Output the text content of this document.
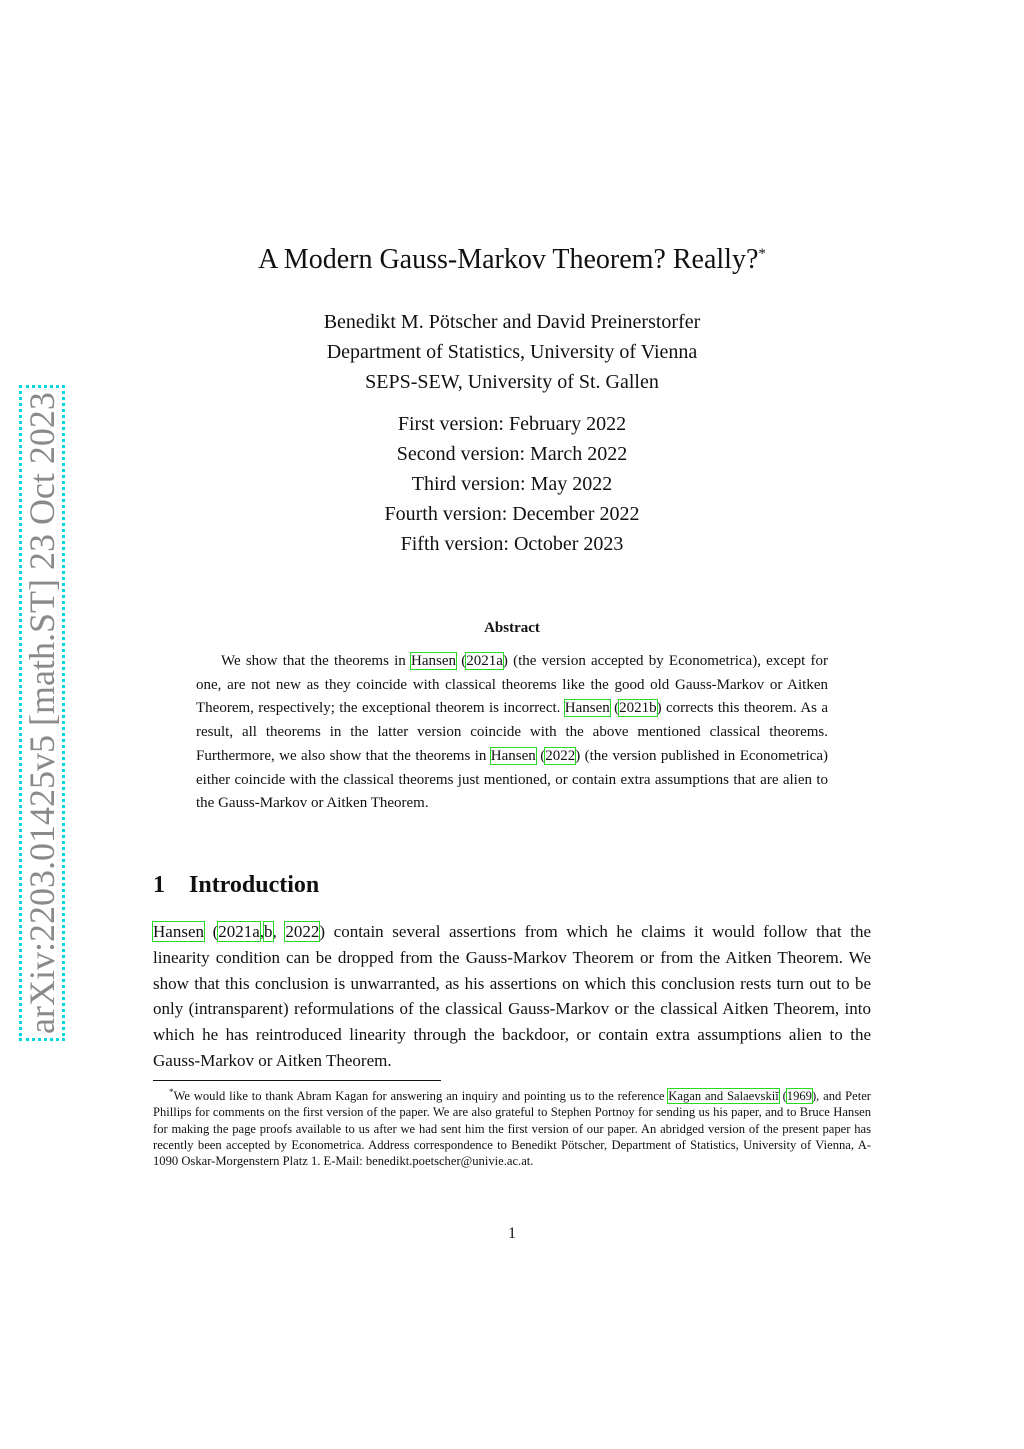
arXiv:2203.01425v5 [math.ST] 23 Oct 2023
A Modern Gauss-Markov Theorem? Really?*
Benedikt M. Pötscher and David Preinerstorfer
Department of Statistics, University of Vienna
SEPS-SEW, University of St. Gallen
First version: February 2022
Second version: March 2022
Third version: May 2022
Fourth version: December 2022
Fifth version: October 2023
Abstract
We show that the theorems in Hansen (2021a) (the version accepted by Econometrica), except for one, are not new as they coincide with classical theorems like the good old Gauss-Markov or Aitken Theorem, respectively; the exceptional theorem is incorrect. Hansen (2021b) corrects this theorem. As a result, all theorems in the latter version coincide with the above mentioned classical theorems. Furthermore, we also show that the theorems in Hansen (2022) (the version published in Econometrica) either coincide with the classical theorems just mentioned, or contain extra assumptions that are alien to the Gauss-Markov or Aitken Theorem.
1 Introduction
Hansen (2021a,b, 2022) contain several assertions from which he claims it would follow that the linearity condition can be dropped from the Gauss-Markov Theorem or from the Aitken Theorem. We show that this conclusion is unwarranted, as his assertions on which this conclusion rests turn out to be only (intransparent) reformulations of the classical Gauss-Markov or the classical Aitken Theorem, into which he has reintroduced linearity through the backdoor, or contain extra assumptions alien to the Gauss-Markov or Aitken Theorem.
*We would like to thank Abram Kagan for answering an inquiry and pointing us to the reference Kagan and Salaevskiĭ (1969), and Peter Phillips for comments on the first version of the paper. We are also grateful to Stephen Portnoy for sending us his paper, and to Bruce Hansen for making the page proofs available to us after we had sent him the first version of our paper. An abridged version of the present paper has recently been accepted by Econometrica. Address correspondence to Benedikt Pötscher, Department of Statistics, University of Vienna, A-1090 Oskar-Morgenstern Platz 1. E-Mail: benedikt.poetscher@univie.ac.at.
1
